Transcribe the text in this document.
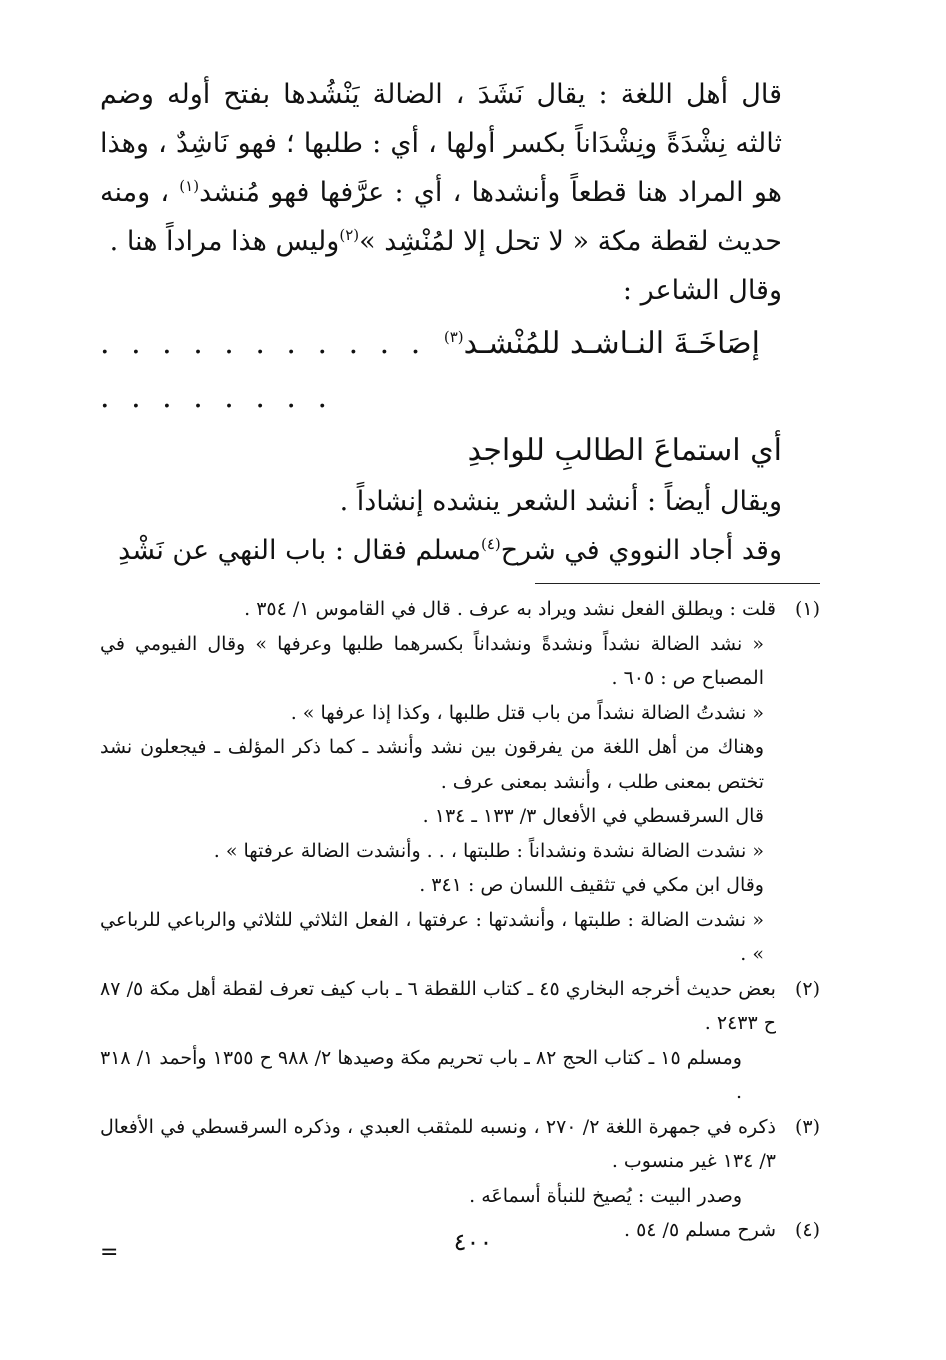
قال أهل اللغة : يقال نَشَدَ ، الضالة يَنْشُدها بفتح أوله وضم ثالثه نِشْدَةً ونِشْدَاناً بكسر أولها ، أي : طلبها ؛ فهو نَاشِدٌ ، وهذا هو المراد هنا قطعاً وأنشدها ، أي : عرَّفها فهو مُنشد$^{(١)}$ ، ومنه حديث لقطة مكة « لا تحل إلا لمُنْشِد »$^{(٢)}$وليس هذا مراداً هنا .

وقال الشاعر :

إصَاخَـةَ النـاشـد للمُنْشـد$^{(٣)}$
. . . . . . . . . . . . . . . . . . .
أي استماعَ الطالبِ للواجدِ

ويقال أيضاً : أنشد الشعر ينشده إنشاداً .

وقد أجاد النووي في شرح$^{(٤)}$مسلم فقال : باب النهي عن نَشْدِ

(١)

قلت : ويطلق الفعل نشد ويراد به عرف . قال في القاموس ١/ ٣٥٤ .

« نشد الضالة نشداً ونشدةً ونشداناً بكسرهما طلبها وعرفها » وقال الفيومي في المصباح ص : ٦٠٥ .

« نشدتُ الضالة نشداً من باب قتل طلبها ، وكذا إذا عرفها » .

وهناك من أهل اللغة من يفرقون بين نشد وأنشد ـ كما ذكر المؤلف ـ فيجعلون نشد تختص بمعنى طلب ، وأنشد بمعنى عرف .

قال السرقسطي في الأفعال ٣/ ١٣٣ ـ ١٣٤ .

« نشدت الضالة نشدة ونشداناً : طلبتها ، . . وأنشدت الضالة عرفتها » .

وقال ابن مكي في تثقيف اللسان ص : ٣٤١ .

« نشدت الضالة : طلبتها ، وأنشدتها : عرفتها ، الفعل الثلاثي للثلاثي والرباعي للرباعي » .

(٢)

بعض حديث أخرجه البخاري ٤٥ ـ كتاب اللقطة ٦ ـ باب كيف تعرف لقطة أهل مكة ٥/ ٨٧ ح ٢٤٣٣ .

ومسلم ١٥ ـ كتاب الحج ٨٢ ـ باب تحريم مكة وصيدها ٢/ ٩٨٨ ح ١٣٥٥ وأحمد ١/ ٣١٨ .

(٣)

ذكره في جمهرة اللغة ٢/ ٢٧٠ ، ونسبه للمثقب العبدي ، وذكره السرقسطي في الأفعال ٣/ ١٣٤ غير منسوب .

وصدر البيت : يُصيخ للنبأة أسماعَه .

(٤)

شرح مسلم ٥/ ٥٤ .

=	٤٠٠
